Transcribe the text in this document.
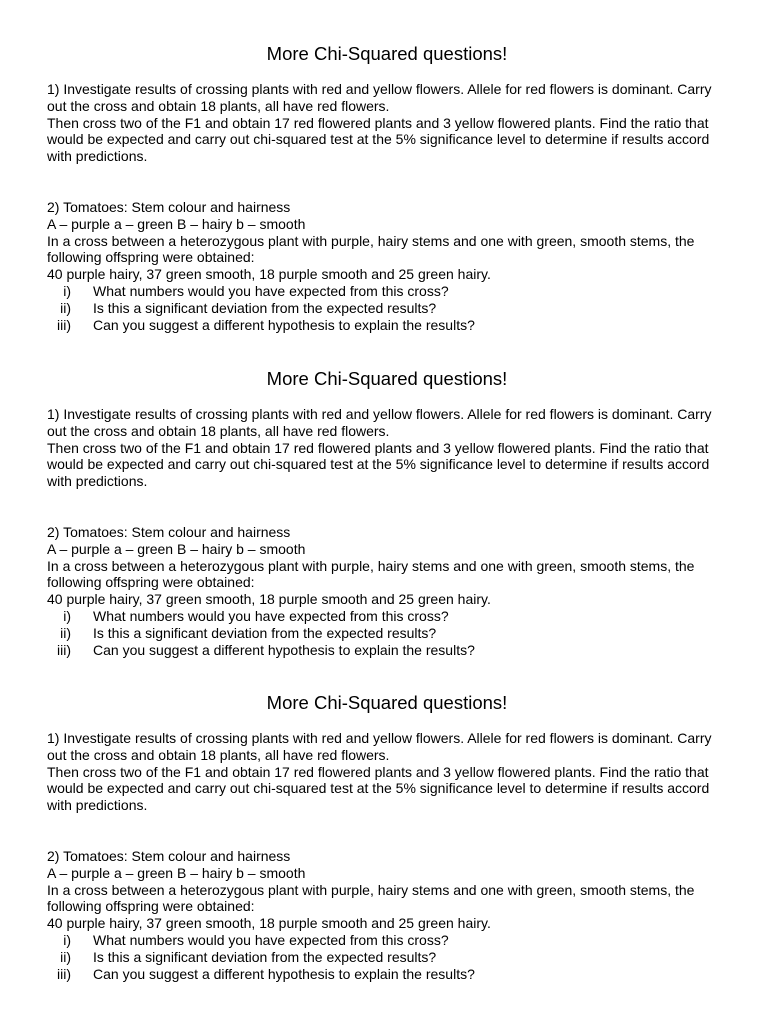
More Chi-Squared questions!

1) Investigate results of crossing plants with red and yellow flowers. Allele for red flowers is dominant. Carry out the cross and obtain 18 plants, all have red flowers.

Then cross two of the F1 and obtain 17 red flowered plants and 3 yellow flowered plants. Find the ratio that would be expected and carry out chi-squared test at the 5% significance level to determine if results accord with predictions.

2) Tomatoes: Stem colour and hairness
A – purple a – green B – hairy b – smooth
In a cross between a heterozygous plant with purple, hairy stems and one with green, smooth stems, the following offspring were obtained:
40 purple hairy, 37 green smooth, 18 purple smooth and 25 green hairy.
i) What numbers would you have expected from this cross?
ii) Is this a significant deviation from the expected results?
iii) Can you suggest a different hypothesis to explain the results?
More Chi-Squared questions!

1) Investigate results of crossing plants with red and yellow flowers. Allele for red flowers is dominant. Carry out the cross and obtain 18 plants, all have red flowers.

Then cross two of the F1 and obtain 17 red flowered plants and 3 yellow flowered plants. Find the ratio that would be expected and carry out chi-squared test at the 5% significance level to determine if results accord with predictions.

2) Tomatoes: Stem colour and hairness
A – purple a – green B – hairy b – smooth
In a cross between a heterozygous plant with purple, hairy stems and one with green, smooth stems, the following offspring were obtained:
40 purple hairy, 37 green smooth, 18 purple smooth and 25 green hairy.
i) What numbers would you have expected from this cross?
ii) Is this a significant deviation from the expected results?
iii) Can you suggest a different hypothesis to explain the results?
More Chi-Squared questions!

1) Investigate results of crossing plants with red and yellow flowers. Allele for red flowers is dominant. Carry out the cross and obtain 18 plants, all have red flowers.

Then cross two of the F1 and obtain 17 red flowered plants and 3 yellow flowered plants. Find the ratio that would be expected and carry out chi-squared test at the 5% significance level to determine if results accord with predictions.

2) Tomatoes: Stem colour and hairness
A – purple a – green B – hairy b – smooth
In a cross between a heterozygous plant with purple, hairy stems and one with green, smooth stems, the following offspring were obtained:
40 purple hairy, 37 green smooth, 18 purple smooth and 25 green hairy.
i) What numbers would you have expected from this cross?
ii) Is this a significant deviation from the expected results?
iii) Can you suggest a different hypothesis to explain the results?
